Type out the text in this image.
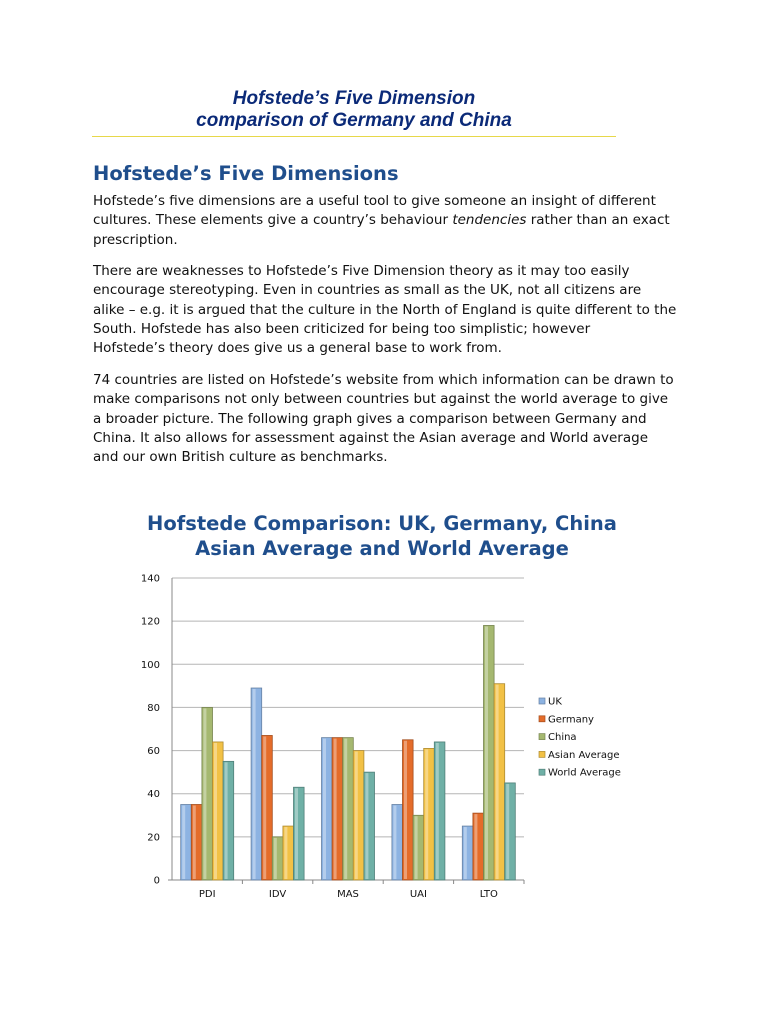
Hofstede’s Five Dimension
comparison of Germany and China
Hofstede’s Five Dimensions
Hofstede’s five dimensions are a useful tool to give someone an insight of different
cultures. These elements give a country’s behaviour tendencies rather than an exact
prescription.
There are weaknesses to Hofstede’s Five Dimension theory as it may too easily
encourage stereotyping. Even in countries as small as the UK, not all citizens are
alike – e.g. it is argued that the culture in the North of England is quite different to the
South. Hofstede has also been criticized for being too simplistic; however
Hofstede’s theory does give us a general base to work from.
74 countries are listed on Hofstede’s website from which information can be drawn to
make comparisons not only between countries but against the world average to give
a broader picture. The following graph gives a comparison between Germany and
China. It also allows for assessment against the Asian average and World average
and our own British culture as benchmarks.
Hofstede Comparison: UK, Germany, China
Asian Average and World Average
0
20
40
60
80
100
120
140
PDI	IDV	MAS	UAI	LTO
UK
Germany
China
Asian Average
World Average
